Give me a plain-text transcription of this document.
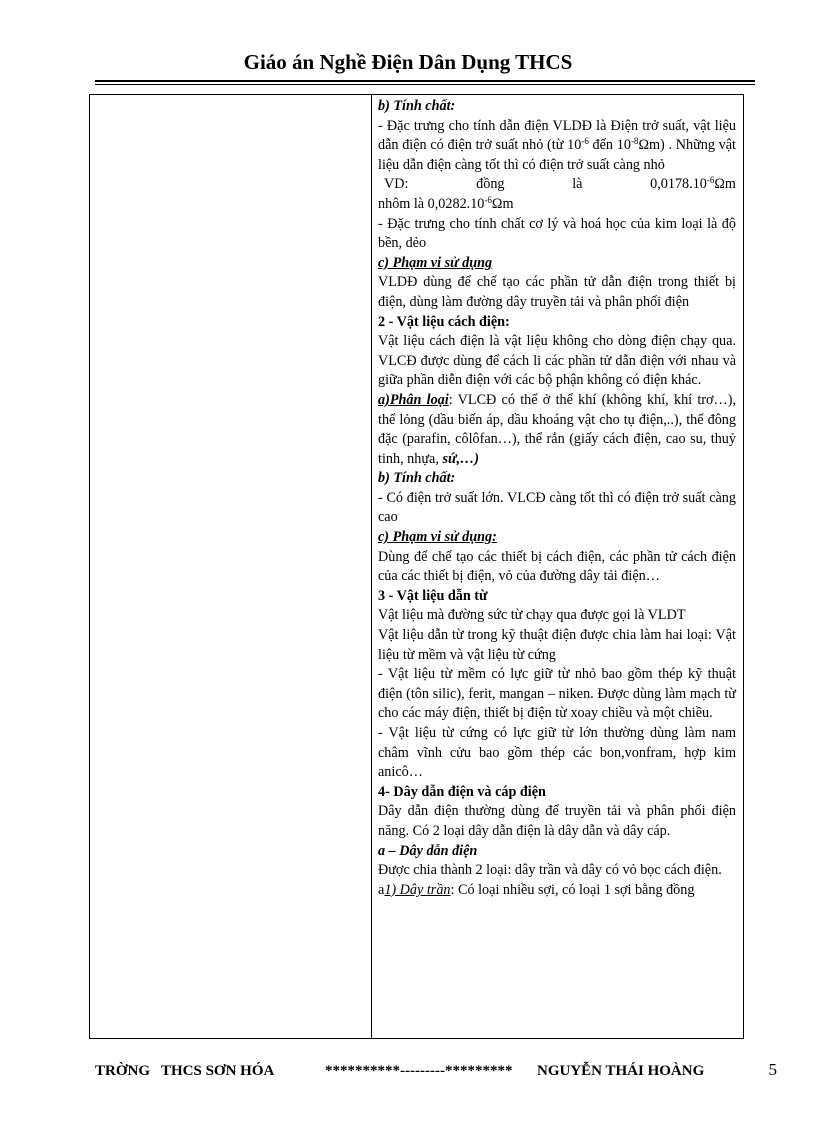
Giáo án Nghề Điện Dân Dụng THCS

b) Tính chất:

- Đặc trưng cho tính dẫn điện VLDĐ là Điện trở suất, vật liệu dẫn điện có điện trở suất nhỏ (từ $10^{-6}$ đến $10^{-8}\Omega m$) . Những vật liệu dẫn điện càng tốt thì có điện trở suất càng nhỏ

VD:	đồng	là	$0,0178.10^{-6}\Omega m$

nhôm là $0,0282.10^{-6}\Omega m$

- Đặc trưng cho tính chất cơ lý và hoá học của kim loại là độ bền, dẻo

c) Phạm vi sử dụng

VLDĐ dùng để chế tạo các phần tử dẫn điện trong thiết bị điện, dùng làm đường dây truyền tải và phân phối điện

2 - Vật liệu cách điện:

Vật liệu cách điện là vật liệu không cho dòng điện chạy qua. VLCĐ được dùng để cách li các phần tử dẫn điện với nhau và giữa phần diễn điện với các bộ phận không có điện khác.

a)Phân loại: VLCĐ có thể ở thể khí (không khí, khí trơ…), thể lỏng (dầu biến áp, dầu khoáng vật cho tụ điện,..), thể đông đặc (parafin, côlôfan…), thể rắn (giấy cách điện, cao su, thuỷ tinh, nhựa, sứ,…)

b) Tính chất:

- Có điện trở suất lớn. VLCĐ càng tốt thì có điện trở suất càng cao

c) Phạm vi sử dụng:

Dùng để chế tạo các thiết bị cách điện, các phần tử cách điện của các thiết bị điện, vỏ của đường dây tải điện…

3 - Vật liệu dẫn từ

Vật liệu mà đường sức từ chạy qua được gọi là VLDT

Vật liệu dẫn từ trong kỹ thuật điện được chia làm hai loại: Vật liệu từ mềm và vật liệu từ cứng

- Vật liệu từ mềm có lực giữ từ nhỏ bao gồm thép kỹ thuật điện (tôn silic), ferit, mangan – niken. Được dùng làm mạch từ cho các máy điện, thiết bị điện từ xoay chiều và một chiều.

- Vật liệu từ cứng có lực giữ từ lớn thường dùng làm nam châm vĩnh cửu bao gồm thép các bon,vonfram, hợp kim anicô…

4- Dây dẫn điện và cáp điện

Dây dẫn điện thường dùng để truyền tải và phân phối điện năng. Có 2 loại dây dẫn điện là dây dẫn và dây cáp.

a – Dây dẫn điện

Được chia thành 2 loại: dây trần và dây có vỏ bọc cách điện.

a1) Dây trần: Có loại nhiều sợi, có loại 1 sợi bằng đồng

TRỜNG   THCS SƠN HÓA	**********---------********* NGUYỄN THÁI HOÀNG	5
